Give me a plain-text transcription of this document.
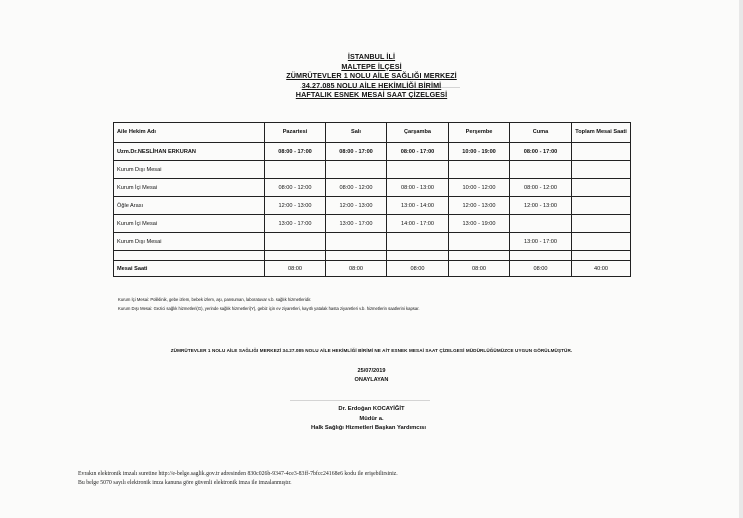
İSTANBUL İLİ
MALTEPE İLÇESİ
ZÜMRÜTEVLER 1 NOLU AİLE SAĞLIĞI MERKEZİ
34.27.085 NOLU AİLE HEKİMLİĞİ BİRİMİ
HAFTALIK ESNEK MESAİ SAAT ÇİZELGESİ
Aile Hekim Adı	Pazartesi	Salı	Çarşamba	Perşembe	Cuma	Toplam Mesai Saati
Uzm.Dr.NESLİHAN ERKURAN	08:00 - 17:00	08:00 - 17:00	08:00 - 17:00	10:00 - 19:00	08:00 - 17:00	
Kurum Dışı Mesai						
Kurum İçi Mesai	08:00 - 12:00	08:00 - 12:00	08:00 - 13:00	10:00 - 12:00	08:00 - 12:00	
Öğle Arası	12:00 - 13:00	12:00 - 13:00	13:00 - 14:00	12:00 - 13:00	12:00 - 13:00	
Kurum İçi Mesai	13:00 - 17:00	13:00 - 17:00	14:00 - 17:00	13:00 - 19:00		
Kurum Dışı Mesai					13:00 - 17:00	

Mesai Saati	08:00	08:00	08:00	08:00	08:00	40:00
Kurum İçi Mesai: Poliklinik, gebe izlem, bebek izlem, aşı, pansuman, laboratuvar v.b. sağlık hizmetleridir.
Kurum Dışı Mesai: Gezici sağlık hizmetleri(G), yerinde sağlık hizmetleri(Y), gebiz için ev ziyaretleri, kayıtlı yatalak hasta ziyaretleri v.b. hizmetlerin saatlerini kapsar.
ZÜMRÜTEVLER 1 NOLU AİLE SAĞLIĞI MERKEZİ 34.27.085 NOLU AİLE HEKİMLİĞİ BİRİMİ NE AİT ESNEK MESAİ SAAT ÇİZELGESİ MÜDÜRLÜĞÜMÜZCE UYGUN GÖRÜLMÜŞTÜR.
25/07/2019
ONAYLAYAN
Dr. Erdoğan KOCAYİĞİT
Müdür a.
Halk Sağlığı Hizmetleri Başkan Yardımcısı
Evrakın elektronik imzalı suretine http://e-belge.saglik.gov.tr adresinden 830c026b-9347-4ce3-83ff-7bfcc24168e6 kodu ile erişebilirsiniz.
Bu belge 5070 sayılı elektronik imza kanuna göre güvenli elektronik imza ile imzalanmıştır.
